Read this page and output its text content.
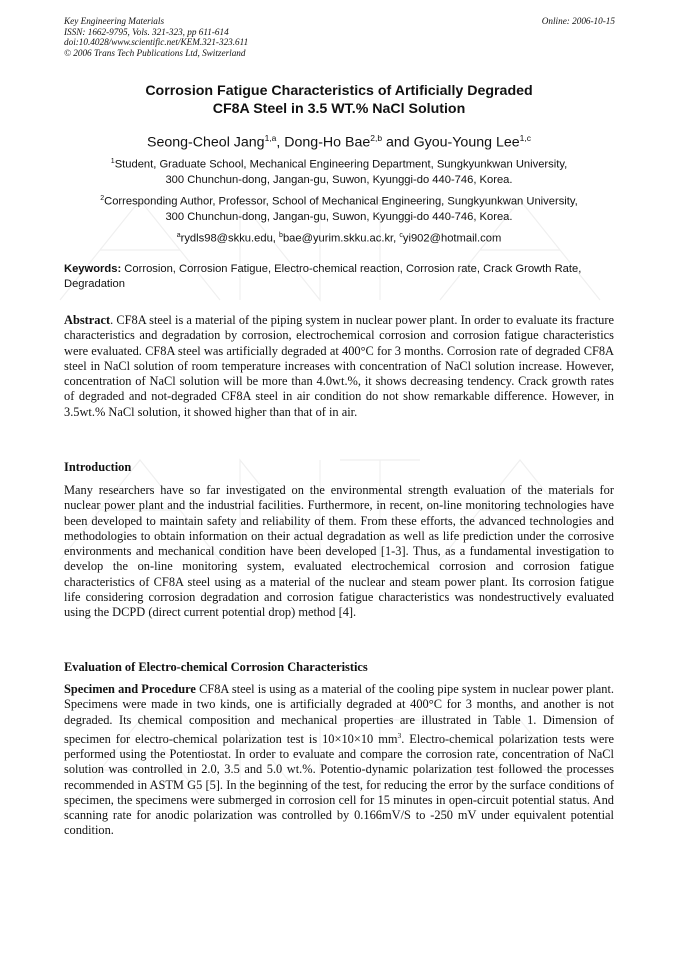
Key Engineering Materials
ISSN: 1662-9795, Vols. 321-323, pp 611-614
doi:10.4028/www.scientific.net/KEM.321-323.611
© 2006 Trans Tech Publications Ltd, Switzerland
Online: 2006-10-15
Corrosion Fatigue Characteristics of Artificially Degraded
CF8A Steel in 3.5 WT.% NaCl Solution
Seong-Cheol Jang$^{1,a}$, Dong-Ho Bae$^{2,b}$ and Gyou-Young Lee$^{1,c}$
$^1$Student, Graduate School, Mechanical Engineering Department, Sungkyunkwan University,
300 Chunchun-dong, Jangan-gu, Suwon, Kyunggi-do 440-746, Korea.
$^2$Corresponding Author, Professor, School of Mechanical Engineering, Sungkyunkwan University,
300 Chunchun-dong, Jangan-gu, Suwon, Kyunggi-do 440-746, Korea.
$^a$rydls98@skku.edu, $^b$bae@yurim.skku.ac.kr, $^c$yi902@hotmail.com
Keywords: Corrosion, Corrosion Fatigue, Electro-chemical reaction, Corrosion rate, Crack Growth Rate, Degradation
Abstract. CF8A steel is a material of the piping system in nuclear power plant. In order to evaluate its fracture characteristics and degradation by corrosion, electrochemical corrosion and corrosion fatigue characteristics were evaluated. CF8A steel was artificially degraded at 400°C for 3 months. Corrosion rate of degraded CF8A steel in NaCl solution of room temperature increases with concentration of NaCl solution increase. However, concentration of NaCl solution will be more than 4.0wt.%, it shows decreasing tendency. Crack growth rates of degraded and not-degraded CF8A steel in air condition do not show remarkable difference. However, in 3.5wt.% NaCl solution, it showed higher than that of in air.
Introduction
Many researchers have so far investigated on the environmental strength evaluation of the materials for nuclear power plant and the industrial facilities. Furthermore, in recent, on-line monitoring technologies have been developed to maintain safety and reliability of them. From these efforts, the advanced technologies and methodologies to obtain information on their actual degradation as well as life prediction under the corrosive environments and mechanical condition have been developed [1-3]. Thus, as a fundamental investigation to develop the on-line monitoring system, evaluated electrochemical corrosion and corrosion fatigue characteristics of CF8A steel using as a material of the nuclear and steam power plant. Its corrosion fatigue life considering corrosion degradation and corrosion fatigue characteristics was nondestructively evaluated using the DCPD (direct current potential drop) method [4].
Evaluation of Electro-chemical Corrosion Characteristics
Specimen and Procedure CF8A steel is using as a material of the cooling pipe system in nuclear power plant. Specimens were made in two kinds, one is artificially degraded at 400°C for 3 months, and another is not degraded. Its chemical composition and mechanical properties are illustrated in Table 1. Dimension of specimen for electro-chemical polarization test is 10×10×10 $mm^3$. Electro-chemical polarization tests were performed using the Potentiostat. In order to evaluate and compare the corrosion rate, concentration of NaCl solution was controlled in 2.0, 3.5 and 5.0 wt.%. Potentio-dynamic polarization test followed the processes recommended in ASTM G5 [5]. In the beginning of the test, for reducing the error by the surface conditions of specimen, the specimens were submerged in corrosion cell for 15 minutes in open-circuit potential status. And scanning rate for anodic polarization was controlled by 0.166mV/S to -250 mV under equivalent potential condition.
